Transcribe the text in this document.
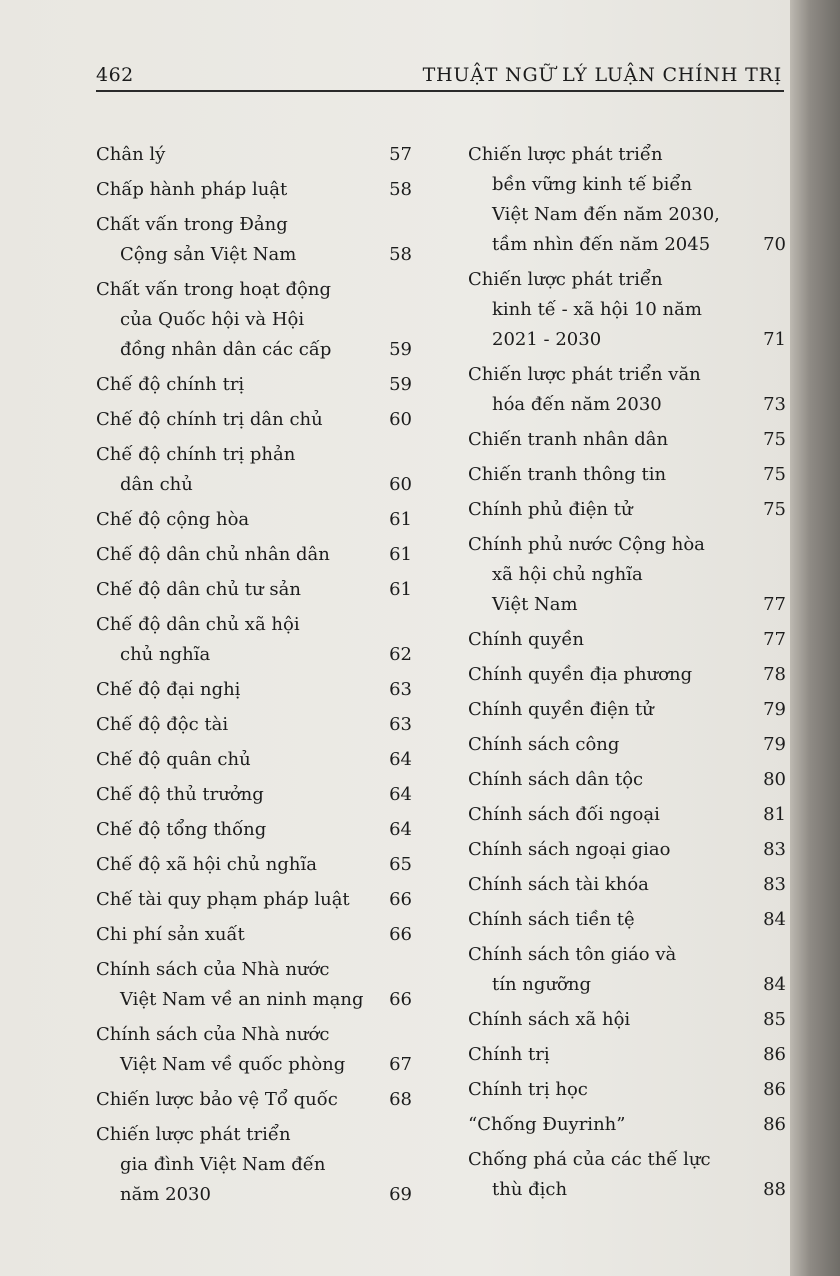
462	THUẬT NGỮ LÝ LUẬN CHÍNH TRỊ
Chân lý	57
Chấp hành pháp luật	58
Chất vấn trong Đảng
Cộng sản Việt Nam	58
Chất vấn trong hoạt động
của Quốc hội và Hội
đồng nhân dân các cấp	59
Chế độ chính trị	59
Chế độ chính trị dân chủ	60
Chế độ chính trị phản
dân chủ	60
Chế độ cộng hòa	61
Chế độ dân chủ nhân dân	61
Chế độ dân chủ tư sản	61
Chế độ dân chủ xã hội
chủ nghĩa	62
Chế độ đại nghị	63
Chế độ độc tài	63
Chế độ quân chủ	64
Chế độ thủ trưởng	64
Chế độ tổng thống	64
Chế độ xã hội chủ nghĩa	65
Chế tài quy phạm pháp luật	66
Chi phí sản xuất	66
Chính sách của Nhà nước
Việt Nam về an ninh mạng 66
Chính sách của Nhà nước
Việt Nam về quốc phòng	67
Chiến lược bảo vệ Tổ quốc	68
Chiến lược phát triển
gia đình Việt Nam đến
năm 2030	69
Chiến lược phát triển
bền vững kinh tế biển
Việt Nam đến năm 2030,
tầm nhìn đến năm 2045	70
Chiến lược phát triển
kinh tế - xã hội 10 năm
2021 - 2030	71
Chiến lược phát triển văn
hóa đến năm 2030	73
Chiến tranh nhân dân	75
Chiến tranh thông tin	75
Chính phủ điện tử	75
Chính phủ nước Cộng hòa
xã hội chủ nghĩa
Việt Nam	77
Chính quyền	77
Chính quyền địa phương	78
Chính quyền điện tử	79
Chính sách công	79
Chính sách dân tộc	80
Chính sách đối ngoại	81
Chính sách ngoại giao	83
Chính sách tài khóa	83
Chính sách tiền tệ	84
Chính sách tôn giáo và
tín ngưỡng	84
Chính sách xã hội	85
Chính trị	86
Chính trị học	86
“Chống Đuyrinh”	86
Chống phá của các thế lực
thù địch	88
